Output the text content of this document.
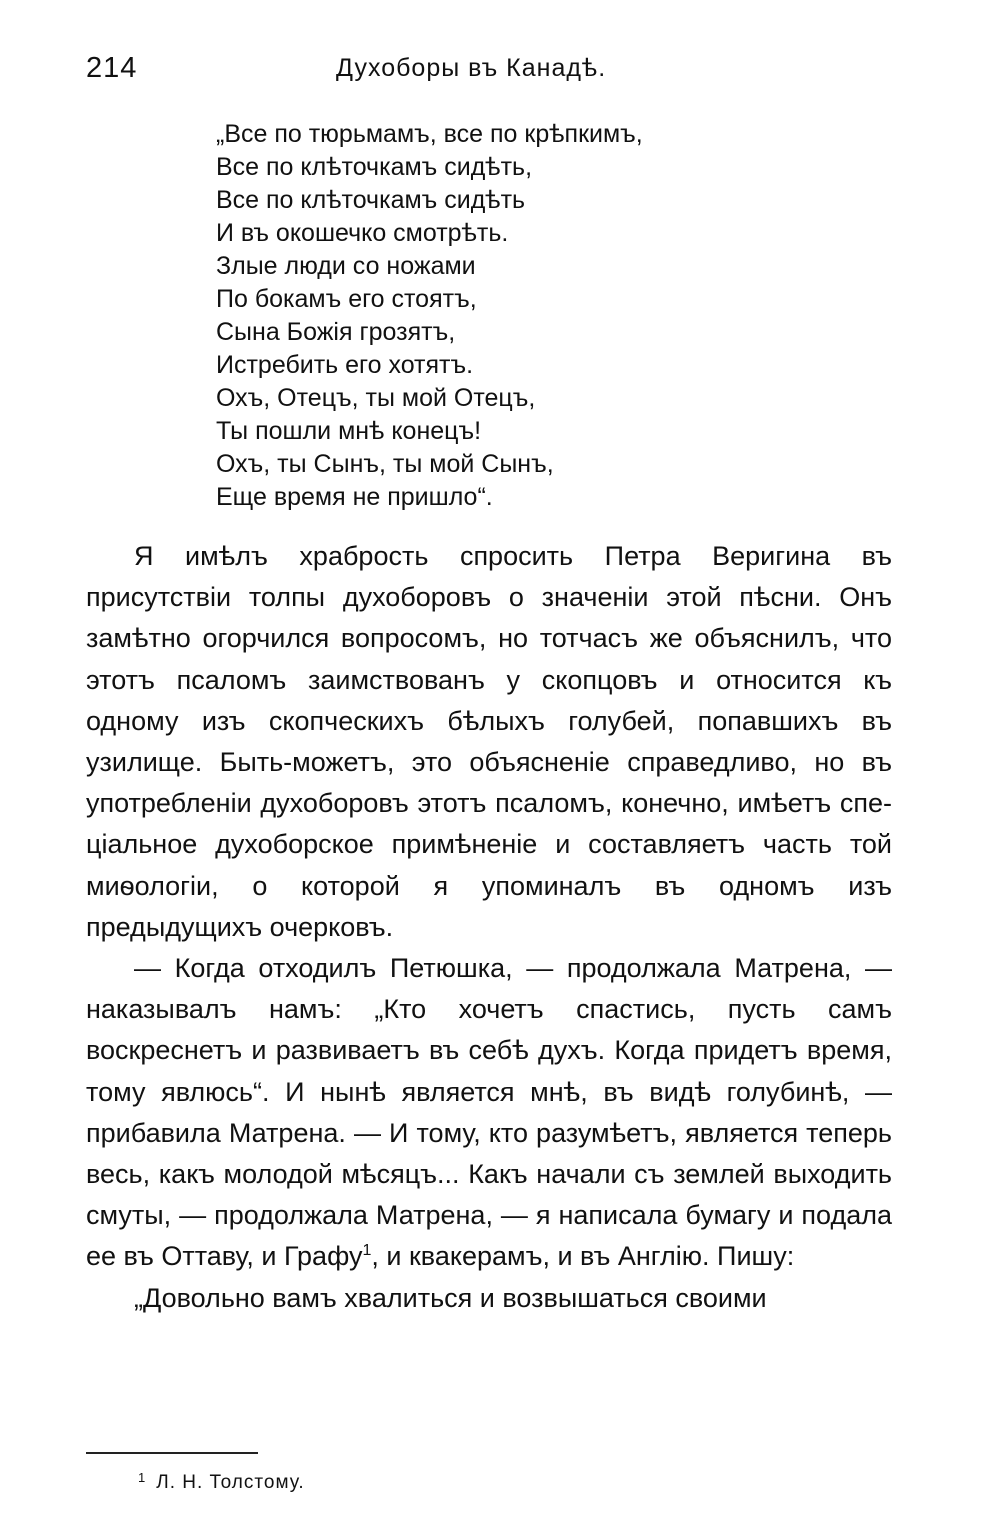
214	Духоборы въ Канадѣ.
„Все по тюрьмамъ, все по крѣпкимъ,
Все по клѣточкамъ сидѣть,
Все по клѣточкамъ сидѣть
И въ окошечко смотрѣть.
Злые люди со ножами
По бокамъ его стоятъ,
Сына Божія грозятъ,
Истребить его хотятъ.
Охъ, Отецъ, ты мой Отецъ,
Ты пошли мнѣ конецъ!
Охъ, ты Сынъ, ты мой Сынъ,
Еще время не пришло“.

Я имѣлъ храбрость спросить Петра Веригина въ присутствіи толпы духоборовъ о значеніи этой пѣсни. Онъ замѣтно огорчился вопросомъ, но тотчасъ же объяснилъ, что этотъ псаломъ заимствованъ у скопцовъ и относится къ одному изъ скопческихъ бѣлыхъ голубей, попавшихъ въ узилище. Быть-можетъ, это объясненіе справедливо, но въ употребленіи духоборовъ этотъ псаломъ, конечно, имѣетъ спеціальное духоборское примѣненіе и составляетъ часть той миѳологіи, о которой я упоминалъ въ одномъ изъ предыдущихъ очерковъ.

— Когда отходилъ Петюшка, — продолжала Матрена, — наказывалъ намъ: „Кто хочетъ спастись, пусть самъ воскреснетъ и развиваетъ въ себѣ духъ. Когда придетъ время, тому явлюсь“. И нынѣ является мнѣ, въ видѣ голубинѣ, — прибавила Матрена. — И тому, кто разумѣетъ, является теперь весь, какъ молодой мѣсяцъ... Какъ начали съ землей выходить смуты, — продолжала Матрена, — я написала бумагу и подала ее въ Оттаву, и Графу$^1$, и квакерамъ, и въ Англію. Пишу:

„Довольно вамъ хвалиться и возвышаться своими

$^1$ Л. Н. Толстому.
